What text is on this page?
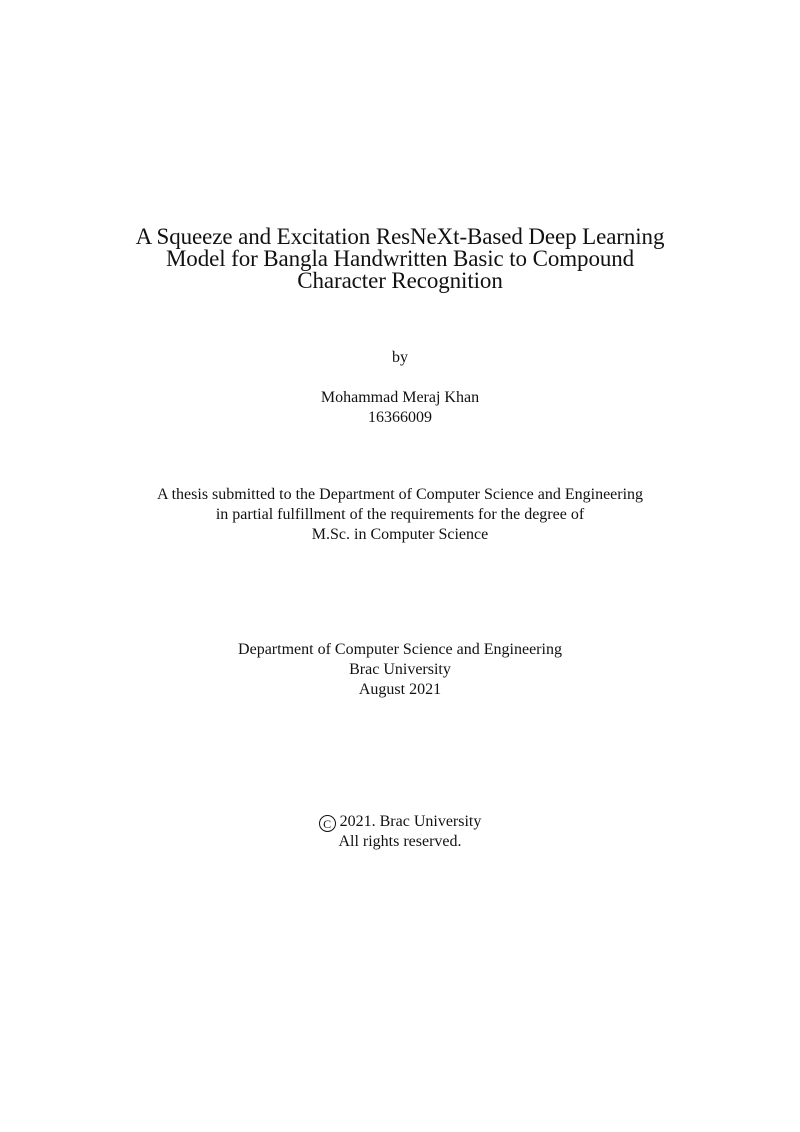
A Squeeze and Excitation ResNeXt-Based Deep Learning
Model for Bangla Handwritten Basic to Compound
Character Recognition
by
Mohammad Meraj Khan
16366009
A thesis submitted to the Department of Computer Science and Engineering
in partial fulfillment of the requirements for the degree of
M.Sc. in Computer Science
Department of Computer Science and Engineering
Brac University
August 2021
C 2021. Brac University
All rights reserved.
